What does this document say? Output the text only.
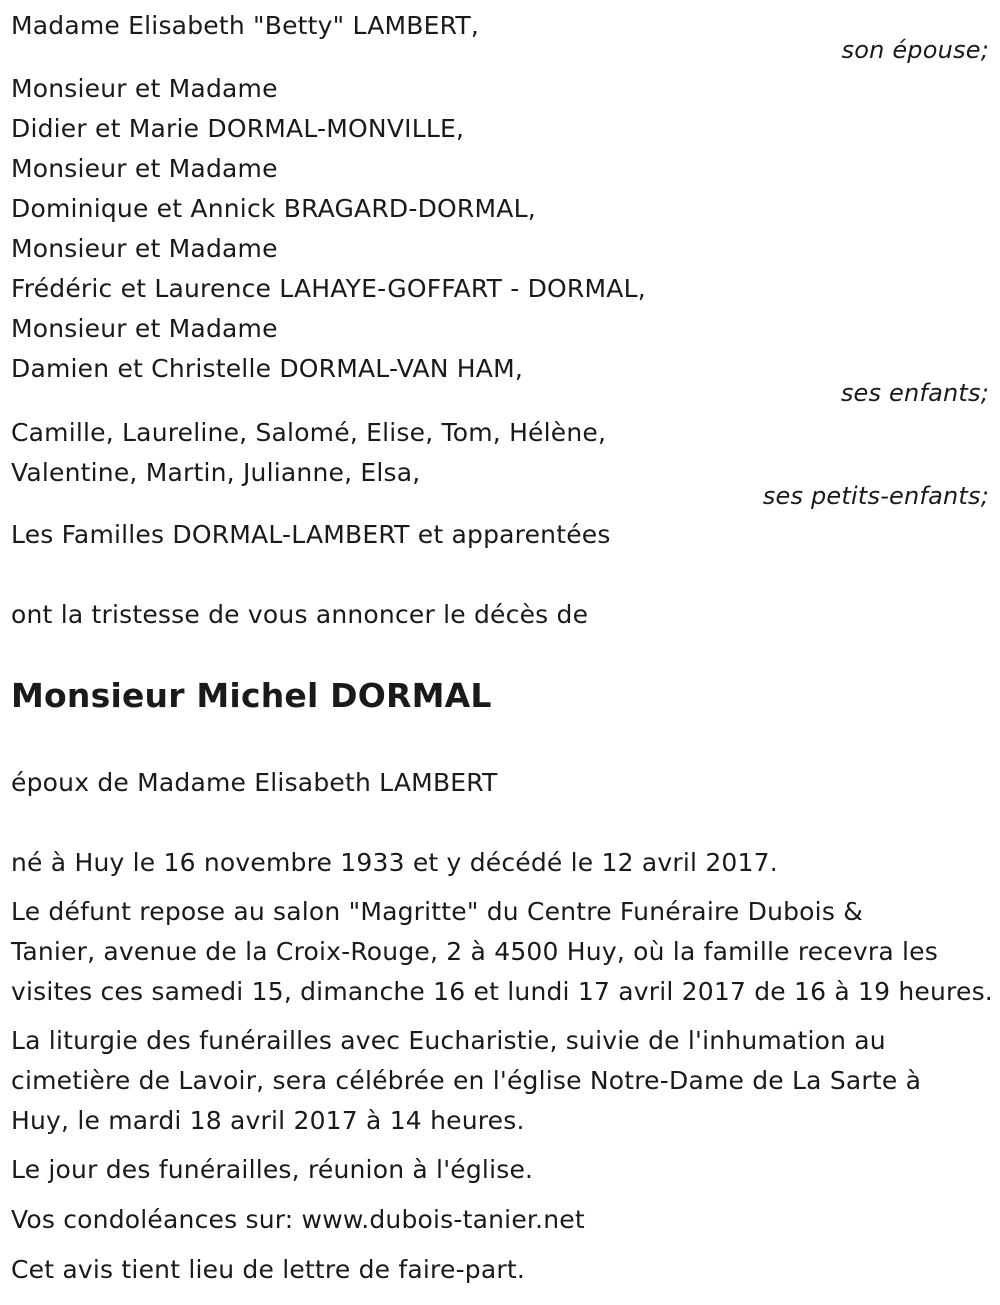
Madame Elisabeth "Betty" LAMBERT,
son épouse;
Monsieur et Madame
Didier et Marie DORMAL-MONVILLE,
Monsieur et Madame
Dominique et Annick BRAGARD-DORMAL,
Monsieur et Madame
Frédéric et Laurence LAHAYE-GOFFART - DORMAL,
Monsieur et Madame
Damien et Christelle DORMAL-VAN HAM,
ses enfants;
Camille, Laureline, Salomé, Elise, Tom, Hélène,
Valentine, Martin, Julianne, Elsa,
ses petits-enfants;
Les Familles DORMAL-LAMBERT et apparentées
ont la tristesse de vous annoncer le décès de
Monsieur Michel DORMAL
époux de Madame Elisabeth LAMBERT
né à Huy le 16 novembre 1933 et y décédé le 12 avril 2017.
Le défunt repose au salon "Magritte" du Centre Funéraire Dubois &
Tanier, avenue de la Croix-Rouge, 2 à 4500 Huy, où la famille recevra les
visites ces samedi 15, dimanche 16 et lundi 17 avril 2017 de 16 à 19 heures.
La liturgie des funérailles avec Eucharistie, suivie de l'inhumation au
cimetière de Lavoir, sera célébrée en l'église Notre-Dame de La Sarte à
Huy, le mardi 18 avril 2017 à 14 heures.
Le jour des funérailles, réunion à l'église.
Vos condoléances sur: www.dubois-tanier.net
Cet avis tient lieu de lettre de faire-part.
